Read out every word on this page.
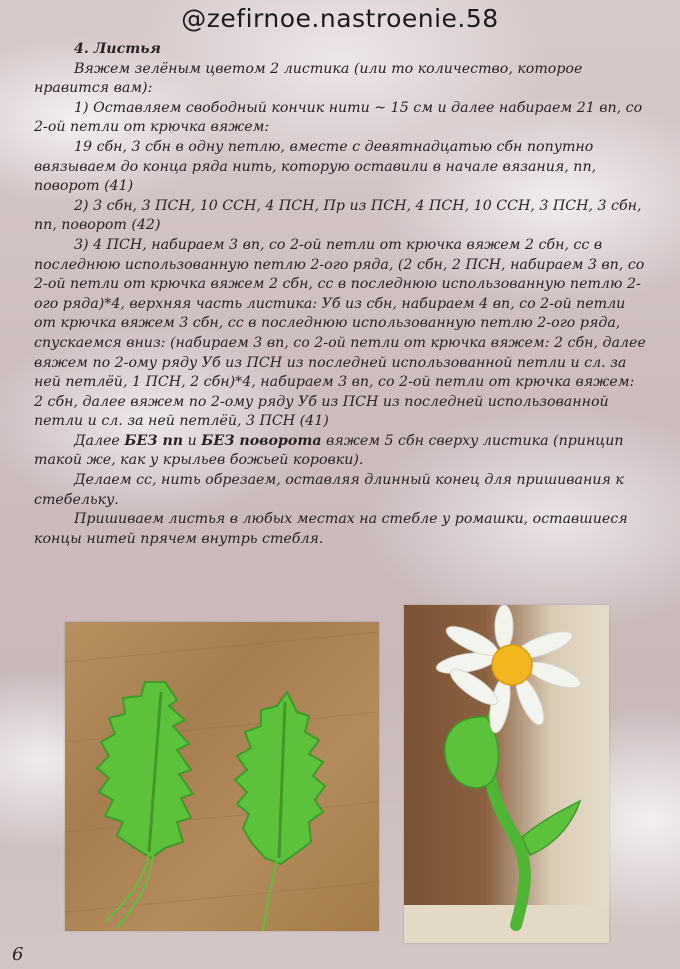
@zefirnoe.nastroenie.58

4. Листья

Вяжем зелёным цветом 2 листика (или то количество, которое нравится вам):

1) Оставляем свободный кончик нити ~ 15 см и далее набираем 21 вп, со 2-ой петли от крючка вяжем:

19 сбн, 3 сбн в одну петлю, вместе с девятнадцатью сбн попутно ввязываем до конца ряда нить, которую оставили в начале вязания, пп, поворот (41)

2) 3 сбн, 3 ПСН, 10 ССН, 4 ПСН, Пр из ПСН, 4 ПСН, 10 ССН, 3 ПСН, 3 сбн, пп, поворот (42)

3) 4 ПСН, набираем 3 вп, со 2-ой петли от крючка вяжем 2 сбн, сс в последнюю использованную петлю 2-ого ряда, (2 сбн, 2 ПСН, набираем 3 вп, со 2-ой петли от крючка вяжем 2 сбн, сс в последнюю использованную петлю 2-ого ряда)*4, верхняя часть листика: Уб из сбн, набираем 4 вп, со 2-ой петли от крючка вяжем 3 сбн, сс в последнюю использованную петлю 2-ого ряда, спускаемся вниз: (набираем 3 вп, со 2-ой петли от крючка вяжем: 2 сбн, далее вяжем по 2-ому ряду Уб из ПСН из последней использованной петли и сл. за ней петлёй, 1 ПСН, 2 сбн)*4, набираем 3 вп, со 2-ой петли от крючка вяжем: 2 сбн, далее вяжем по 2-ому ряду Уб из ПСН из последней использованной петли и сл. за ней петлёй, 3 ПСН (41)

Далее БЕЗ пп и БЕЗ поворота вяжем 5 сбн сверху листика (принцип такой же, как у крыльев божьей коровки).

Делаем сс, нить обрезаем, оставляя длинный конец для пришивания к стебельку.

Пришиваем листья в любых местах на стебле у ромашки, оставшиеся концы нитей прячем внутрь стебля.

6
